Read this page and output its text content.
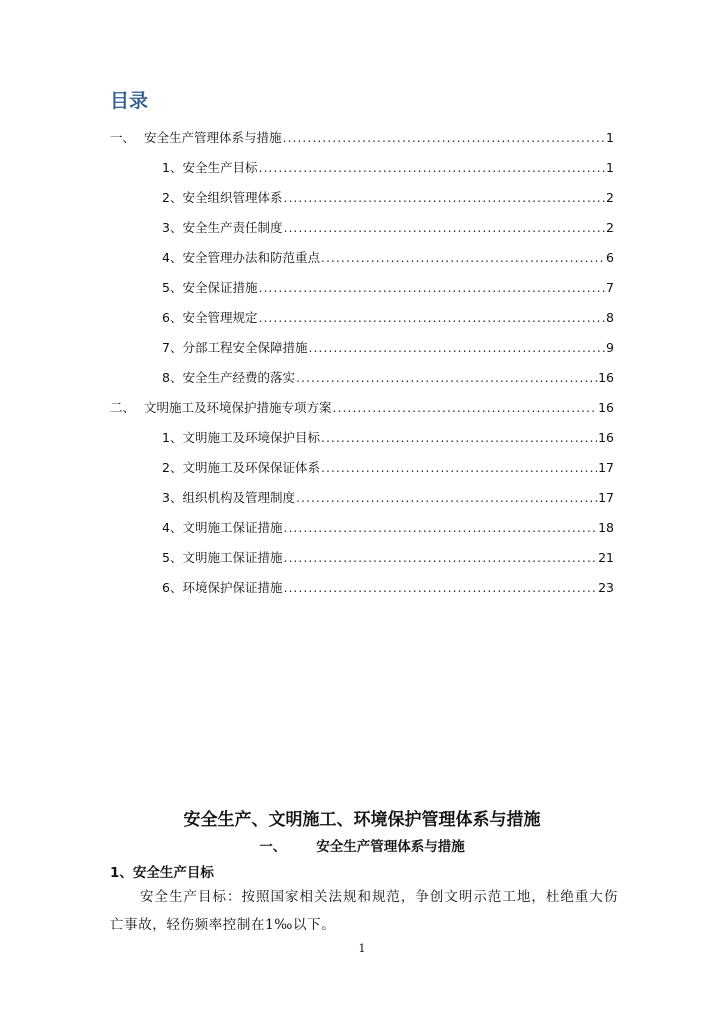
目录
一、 安全生产管理体系与措施 .....	1
1、安全生产目标 .....	1
2、安全组织管理体系 .....	2
3、安全生产责任制度 .....	2
4、安全管理办法和防范重点 .....	6
5、安全保证措施 .....	7
6、安全管理规定 .....	8
7、分部工程安全保障措施 .....	9
8、安全生产经费的落实 .....	16
二、 文明施工及环境保护措施专项方案 .....	16
1、文明施工及环境保护目标 .....	16
2、文明施工及环保保证体系 .....	17
3、组织机构及管理制度 .....	17
4、文明施工保证措施 .....	18
5、文明施工保证措施 .....	21
6、环境保护保证措施 .....	23
安全生产、文明施工、环境保护管理体系与措施
一、 安全生产管理体系与措施
1、安全生产目标
安全生产目标：按照国家相关法规和规范，争创文明示范工地，杜绝重大伤亡事故，轻伤频率控制在1‰以下。
1
